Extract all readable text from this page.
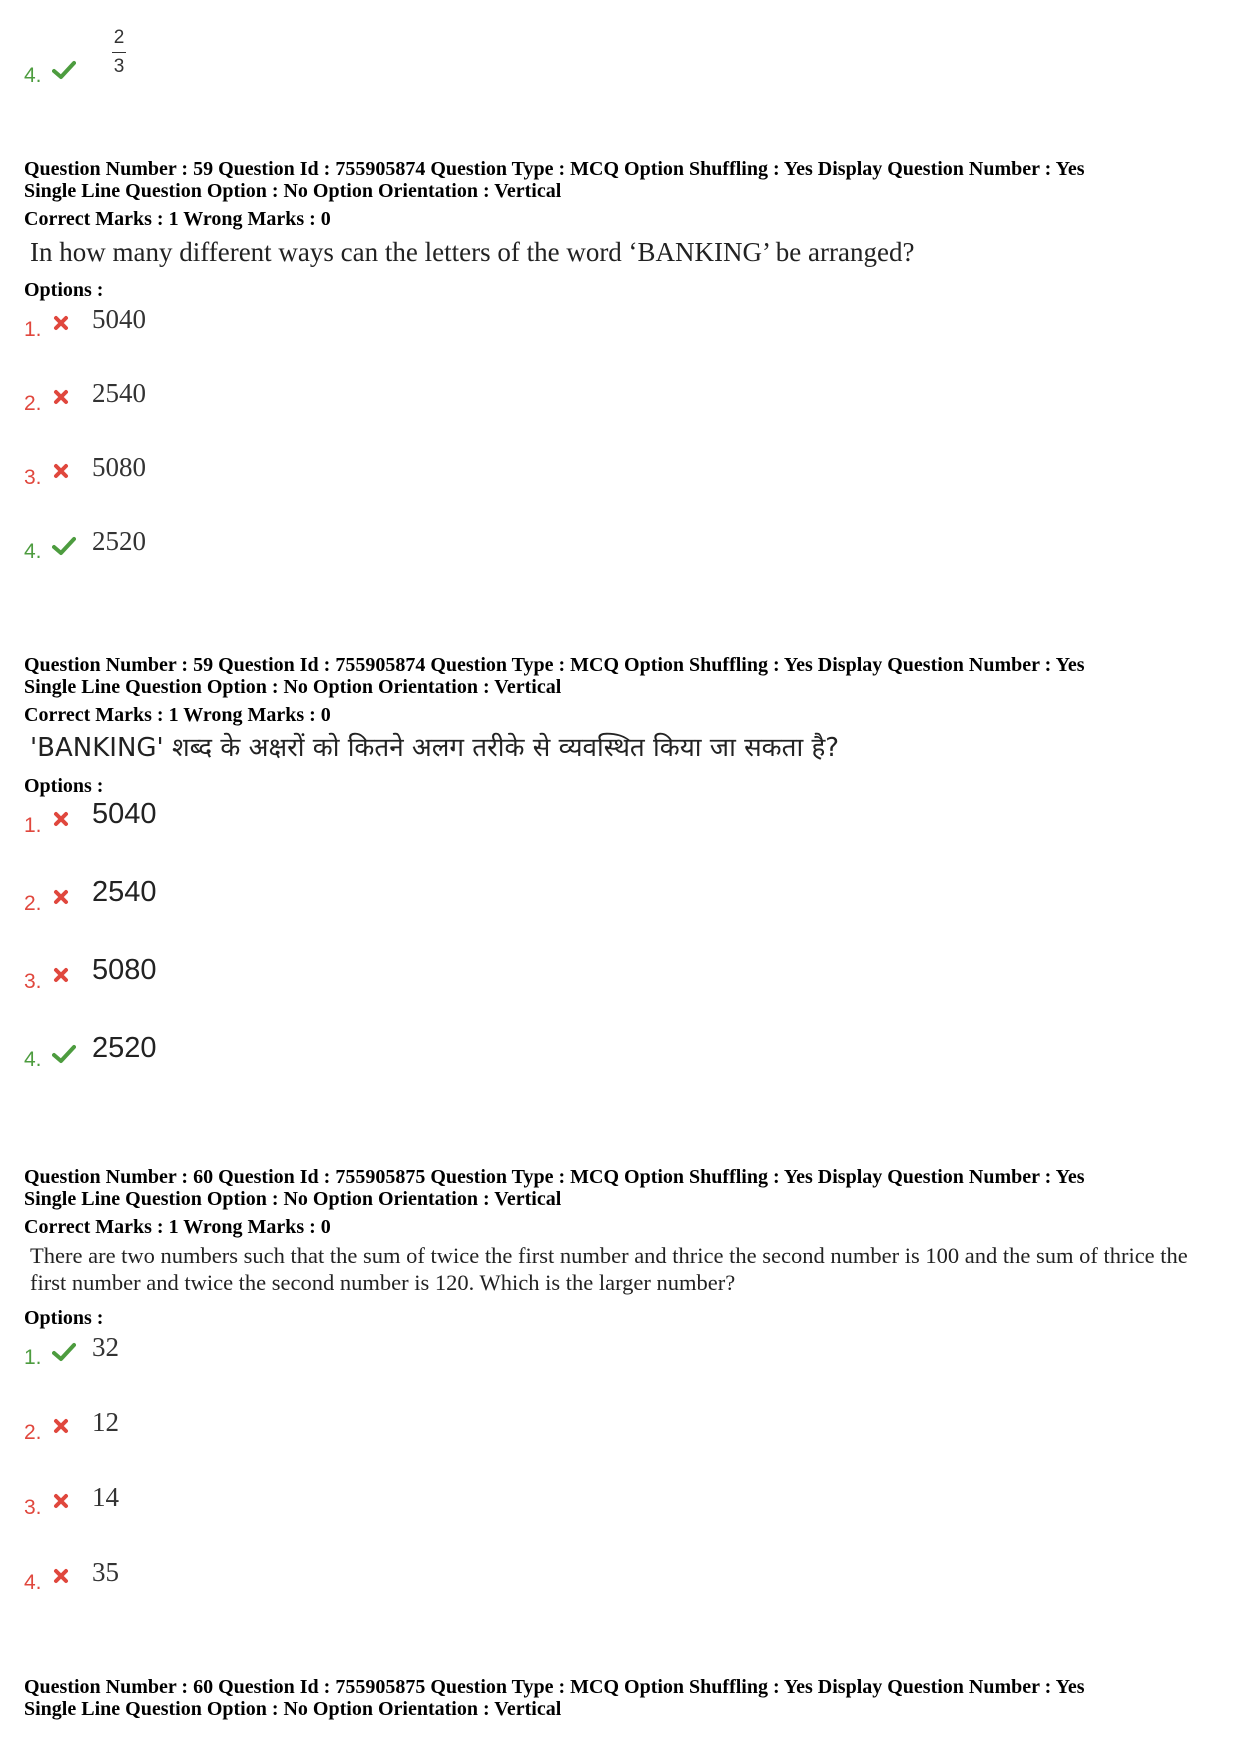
4.
2
3
Question Number : 59 Question Id : 755905874 Question Type : MCQ Option Shuffling : Yes Display Question Number : Yes
Single Line Question Option : No Option Orientation : Vertical
Correct Marks : 1 Wrong Marks : 0
In how many different ways can the letters of the word ‘BANKING’ be arranged?
Options :
1. 5040
2. 2540
3. 5080
4. 2520
Question Number : 59 Question Id : 755905874 Question Type : MCQ Option Shuffling : Yes Display Question Number : Yes
Single Line Question Option : No Option Orientation : Vertical
Correct Marks : 1 Wrong Marks : 0
'BANKING' शब्द के अक्षरों को कितने अलग तरीके से व्यवस्थित किया जा सकता है?
Options :
1. 5040
2. 2540
3. 5080
4. 2520
Question Number : 60 Question Id : 755905875 Question Type : MCQ Option Shuffling : Yes Display Question Number : Yes
Single Line Question Option : No Option Orientation : Vertical
Correct Marks : 1 Wrong Marks : 0
There are two numbers such that the sum of twice the first number and thrice the second number is 100 and the sum of thrice the first number and twice the second number is 120. Which is the larger number?
Options :
1. 32
2. 12
3. 14
4. 35
Question Number : 60 Question Id : 755905875 Question Type : MCQ Option Shuffling : Yes Display Question Number : Yes
Single Line Question Option : No Option Orientation : Vertical
